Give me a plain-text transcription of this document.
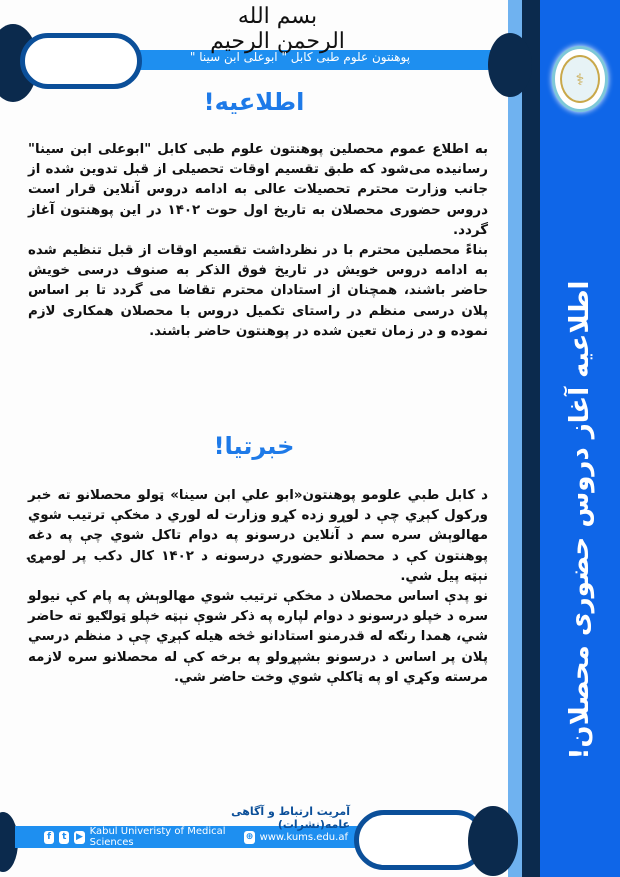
⚕
اطلاعیه آغاز دروس حضوری محصلان!
بسم الله الرحمن الرحیم
پوهنتون علوم طبی کابل " ابوعلی ابن سینا "
اطلاعیه!

به اطلاع عموم محصلین پوهنتون علوم طبی کابل "ابوعلی ابن سینا" رسانیده می‌شود که طبق تقسیم اوقات تحصیلی از قبل تدوین شده از جانب وزارت محترم تحصیلات عالی به ادامه دروس آنلاین قرار است دروس حضوری محصلان به تاریخ اول حوت ۱۴۰۲ در این پوهنتون آغاز گردد.

بناءً محصلین محترم با در نظرداشت تقسیم اوقات از قبل تنظیم شده به ادامه دروس خویش در تاریخ فوق الذکر به صنوف درسی خویش حاضر باشند، همچنان از استادان محترم تقاضا می گردد تا بر اساس پلان درسی منظم در راستای تکمیل دروس با محصلان همکاری لازم نموده و در زمان تعین شده در پوهنتون حاضر باشند.

خبرتیا!

د کابل طبي علومو پوهنتون«ابو علي ابن سينا» ټولو محصلانو ته خبر ورکول کېږي چې د لوړو زده کړو وزارت له لوري د مخکې ترتیب شوي مهالوېش سره سم د آنلاین درسونو په دوام تاکل شوي چې په دغه پوهنتون کې د محصلانو حضوري درسونه د ۱۴۰۲ کال دکب پر لومړۍ نېټه پيل شي.

نو پدې اساس محصلان د مخکې ترتیب شوي مهالوېش په پام کې نیولو سره د خپلو درسونو د دوام لپاره په ذکر شوې نېټه خپلو ټولګیو ته حاضر شي، همدا رنګه له قدرمنو استادانو څخه هیله کېږي چې د منظم درسي پلان پر اساس د درسونو بشپړولو په برخه کې له محصلانو سره لازمه مرسته وکړي او په ټاکلې شوي وخت حاضر شي.

آمریت ارتباط و آگاهی عامه(نشرات)
f	t	▶ Kabul Univeristy of Medical Sciences	⊕ www.kums.edu.af
